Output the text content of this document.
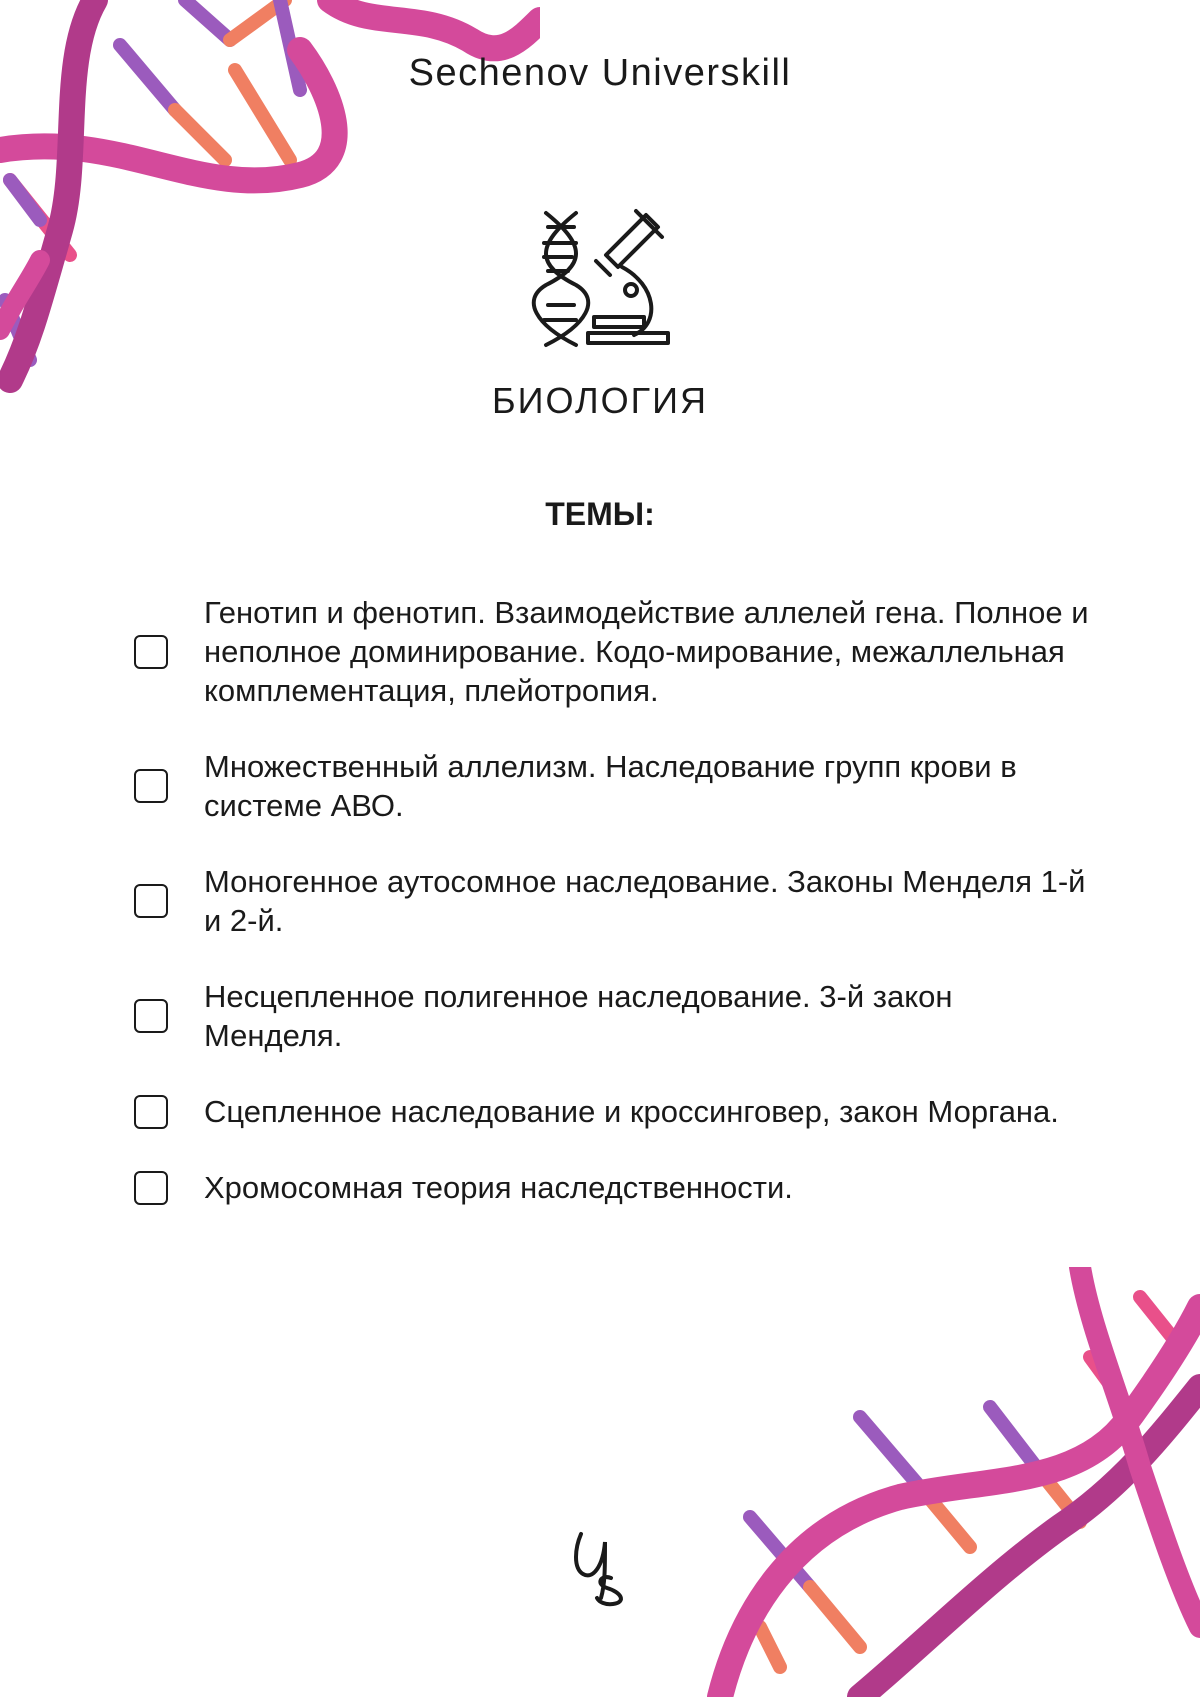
Sechenov Universkill
БИОЛОГИЯ
ТЕМЫ:
Генотип и фенотип. Взаимодействие аллелей гена. Полное и неполное доминирование. Кодо-мирование, межаллельная комплементация, плейотропия.
Множественный аллелизм. Наследование групп крови в системе АВО.
Моногенное аутосомное наследование. Законы Менделя 1-й и 2-й.
Несцепленное полигенное наследование. 3-й закон Менделя.
Сцепленное наследование и кроссинговер, закон Моргана.
Хромосомная теория наследственности.
